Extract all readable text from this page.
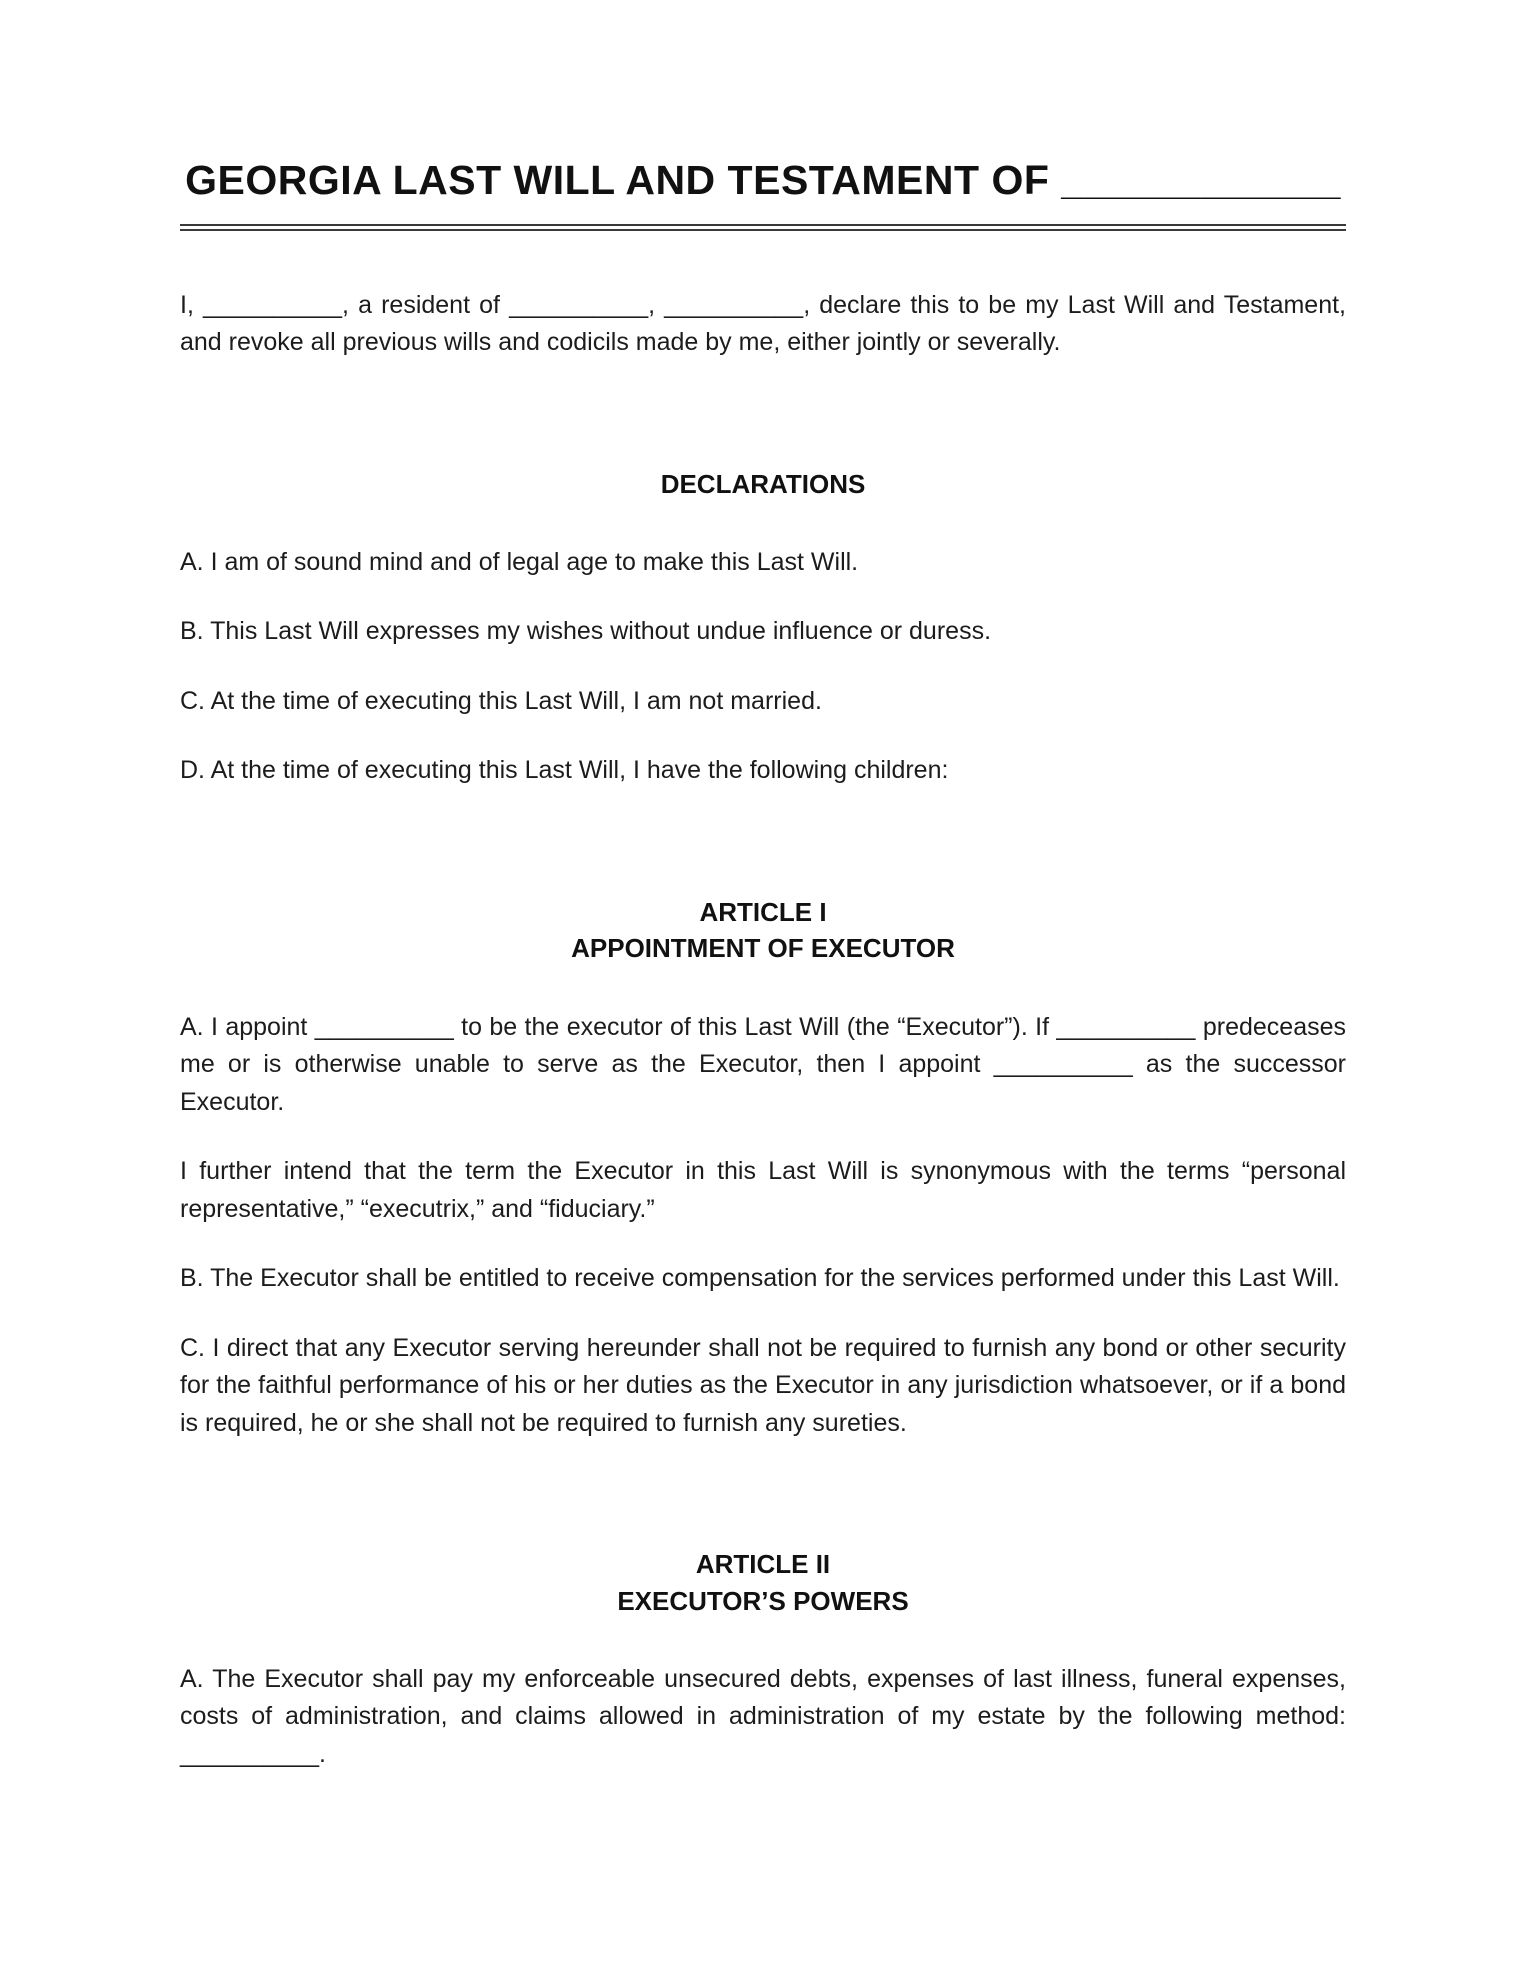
GEORGIA LAST WILL AND TESTAMENT OF ____________

I, __________, a resident of __________, __________, declare this to be my Last Will and Testament, and revoke all previous wills and codicils made by me, either jointly or severally.

DECLARATIONS

A. I am of sound mind and of legal age to make this Last Will.

B. This Last Will expresses my wishes without undue influence or duress.

C. At the time of executing this Last Will, I am not married.

D. At the time of executing this Last Will, I have the following children:

ARTICLE I
APPOINTMENT OF EXECUTOR

A. I appoint __________ to be the executor of this Last Will (the “Executor”). If __________ predeceases me or is otherwise unable to serve as the Executor, then I appoint __________ as the successor Executor.

I further intend that the term the Executor in this Last Will is synonymous with the terms “personal representative,” “executrix,” and “fiduciary.”

B. The Executor shall be entitled to receive compensation for the services performed under this Last Will.

C. I direct that any Executor serving hereunder shall not be required to furnish any bond or other security for the faithful performance of his or her duties as the Executor in any jurisdiction whatsoever, or if a bond is required, he or she shall not be required to furnish any sureties.

ARTICLE II
EXECUTOR’S POWERS

A. The Executor shall pay my enforceable unsecured debts, expenses of last illness, funeral expenses, costs of administration, and claims allowed in administration of my estate by the following method: __________.
